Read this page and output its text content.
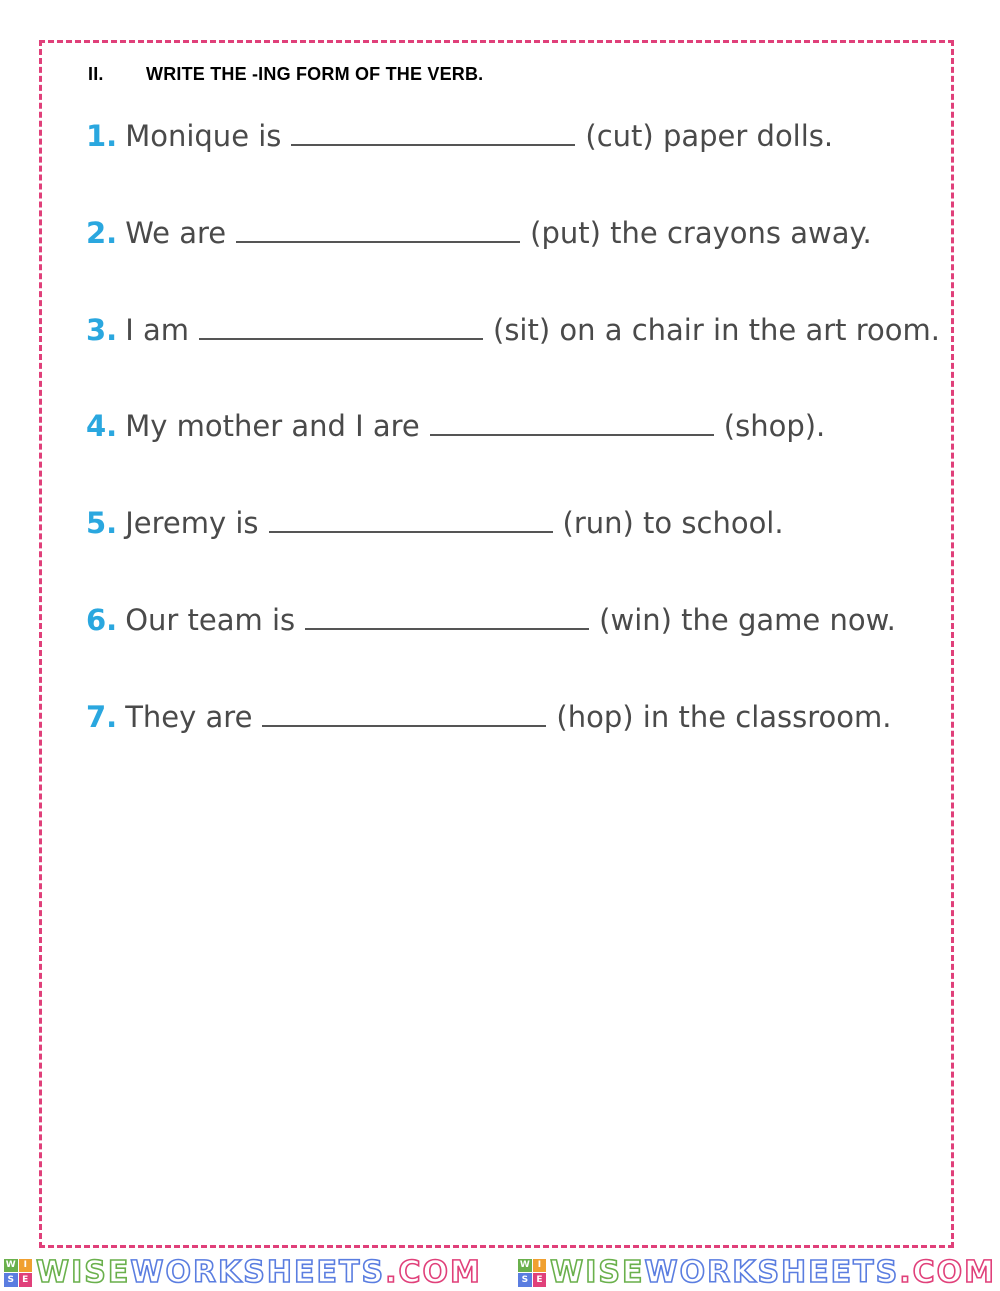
II. WRITE THE -ING FORM OF THE VERB.
1. Monique is	(cut) paper dolls.
2. We are	(put) the crayons away.
3. I am	(sit) on a chair in the art room.
4. My mother and I are	(shop).
5. Jeremy is	(run) to school.
6. Our team is	(win) the game now.
7. They are	(hop) in the classroom.
W I
S E WISE WORKSHEETS .COM	W I
S E WISE WORKSHEETS .COM
